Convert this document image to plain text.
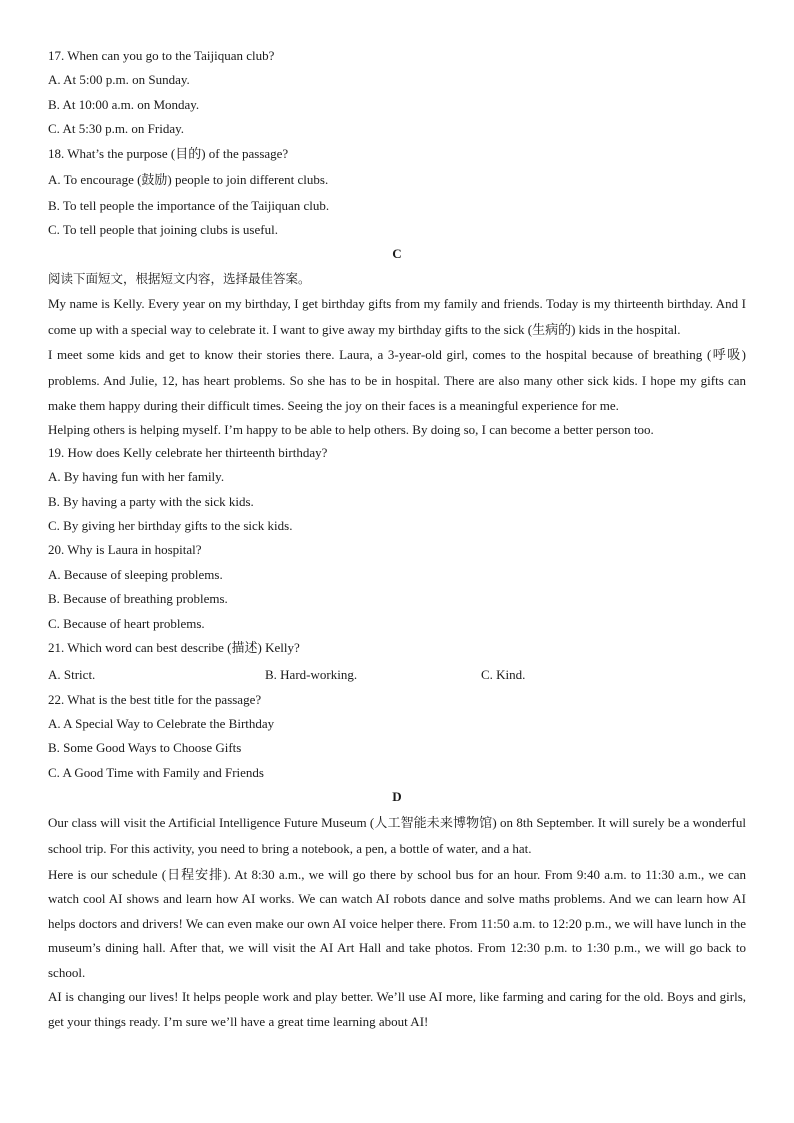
17. When can you go to the Taijiquan club?
A. At 5:00 p.m. on Sunday.
B. At 10:00 a.m. on Monday.
C. At 5:30 p.m. on Friday.
18. What’s the purpose (目的) of the passage?
A. To encourage (鼓励) people to join different clubs.
B. To tell people the importance of the Taijiquan club.
C. To tell people that joining clubs is useful.
C
阅读下面短文，根据短文内容，选择最佳答案。
My name is Kelly. Every year on my birthday, I get birthday gifts from my family and friends. Today is my thirteenth birthday. And I come up with a special way to celebrate it. I want to give away my birthday gifts to the sick (生病的) kids in the hospital.
I meet some kids and get to know their stories there. Laura, a 3-year-old girl, comes to the hospital because of breathing (呼吸) problems. And Julie, 12, has heart problems. So she has to be in hospital. There are also many other sick kids. I hope my gifts can make them happy during their difficult times. Seeing the joy on their faces is a meaningful experience for me.
Helping others is helping myself. I’m happy to be able to help others. By doing so, I can become a better person too.
19. How does Kelly celebrate her thirteenth birthday?
A. By having fun with her family.
B. By having a party with the sick kids.
C. By giving her birthday gifts to the sick kids.
20. Why is Laura in hospital?
A. Because of sleeping problems.
B. Because of breathing problems.
C. Because of heart problems.
21. Which word can best describe (描述) Kelly?
A. Strict.	B. Hard-working.	C. Kind.
22. What is the best title for the passage?
A. A Special Way to Celebrate the Birthday
B. Some Good Ways to Choose Gifts
C. A Good Time with Family and Friends
D
Our class will visit the Artificial Intelligence Future Museum (人工智能未来博物馆) on 8th September. It will surely be a wonderful school trip. For this activity, you need to bring a notebook, a pen, a bottle of water, and a hat.
Here is our schedule (日程安排). At 8:30 a.m., we will go there by school bus for an hour. From 9:40 a.m. to 11:30 a.m., we can watch cool AI shows and learn how AI works. We can watch AI robots dance and solve maths problems. And we can learn how AI helps doctors and drivers! We can even make our own AI voice helper there. From 11:50 a.m. to 12:20 p.m., we will have lunch in the museum’s dining hall. After that, we will visit the AI Art Hall and take photos. From 12:30 p.m. to 1:30 p.m., we will go back to school.
AI is changing our lives! It helps people work and play better. We’ll use AI more, like farming and caring for the old. Boys and girls, get your things ready. I’m sure we’ll have a great time learning about AI!
